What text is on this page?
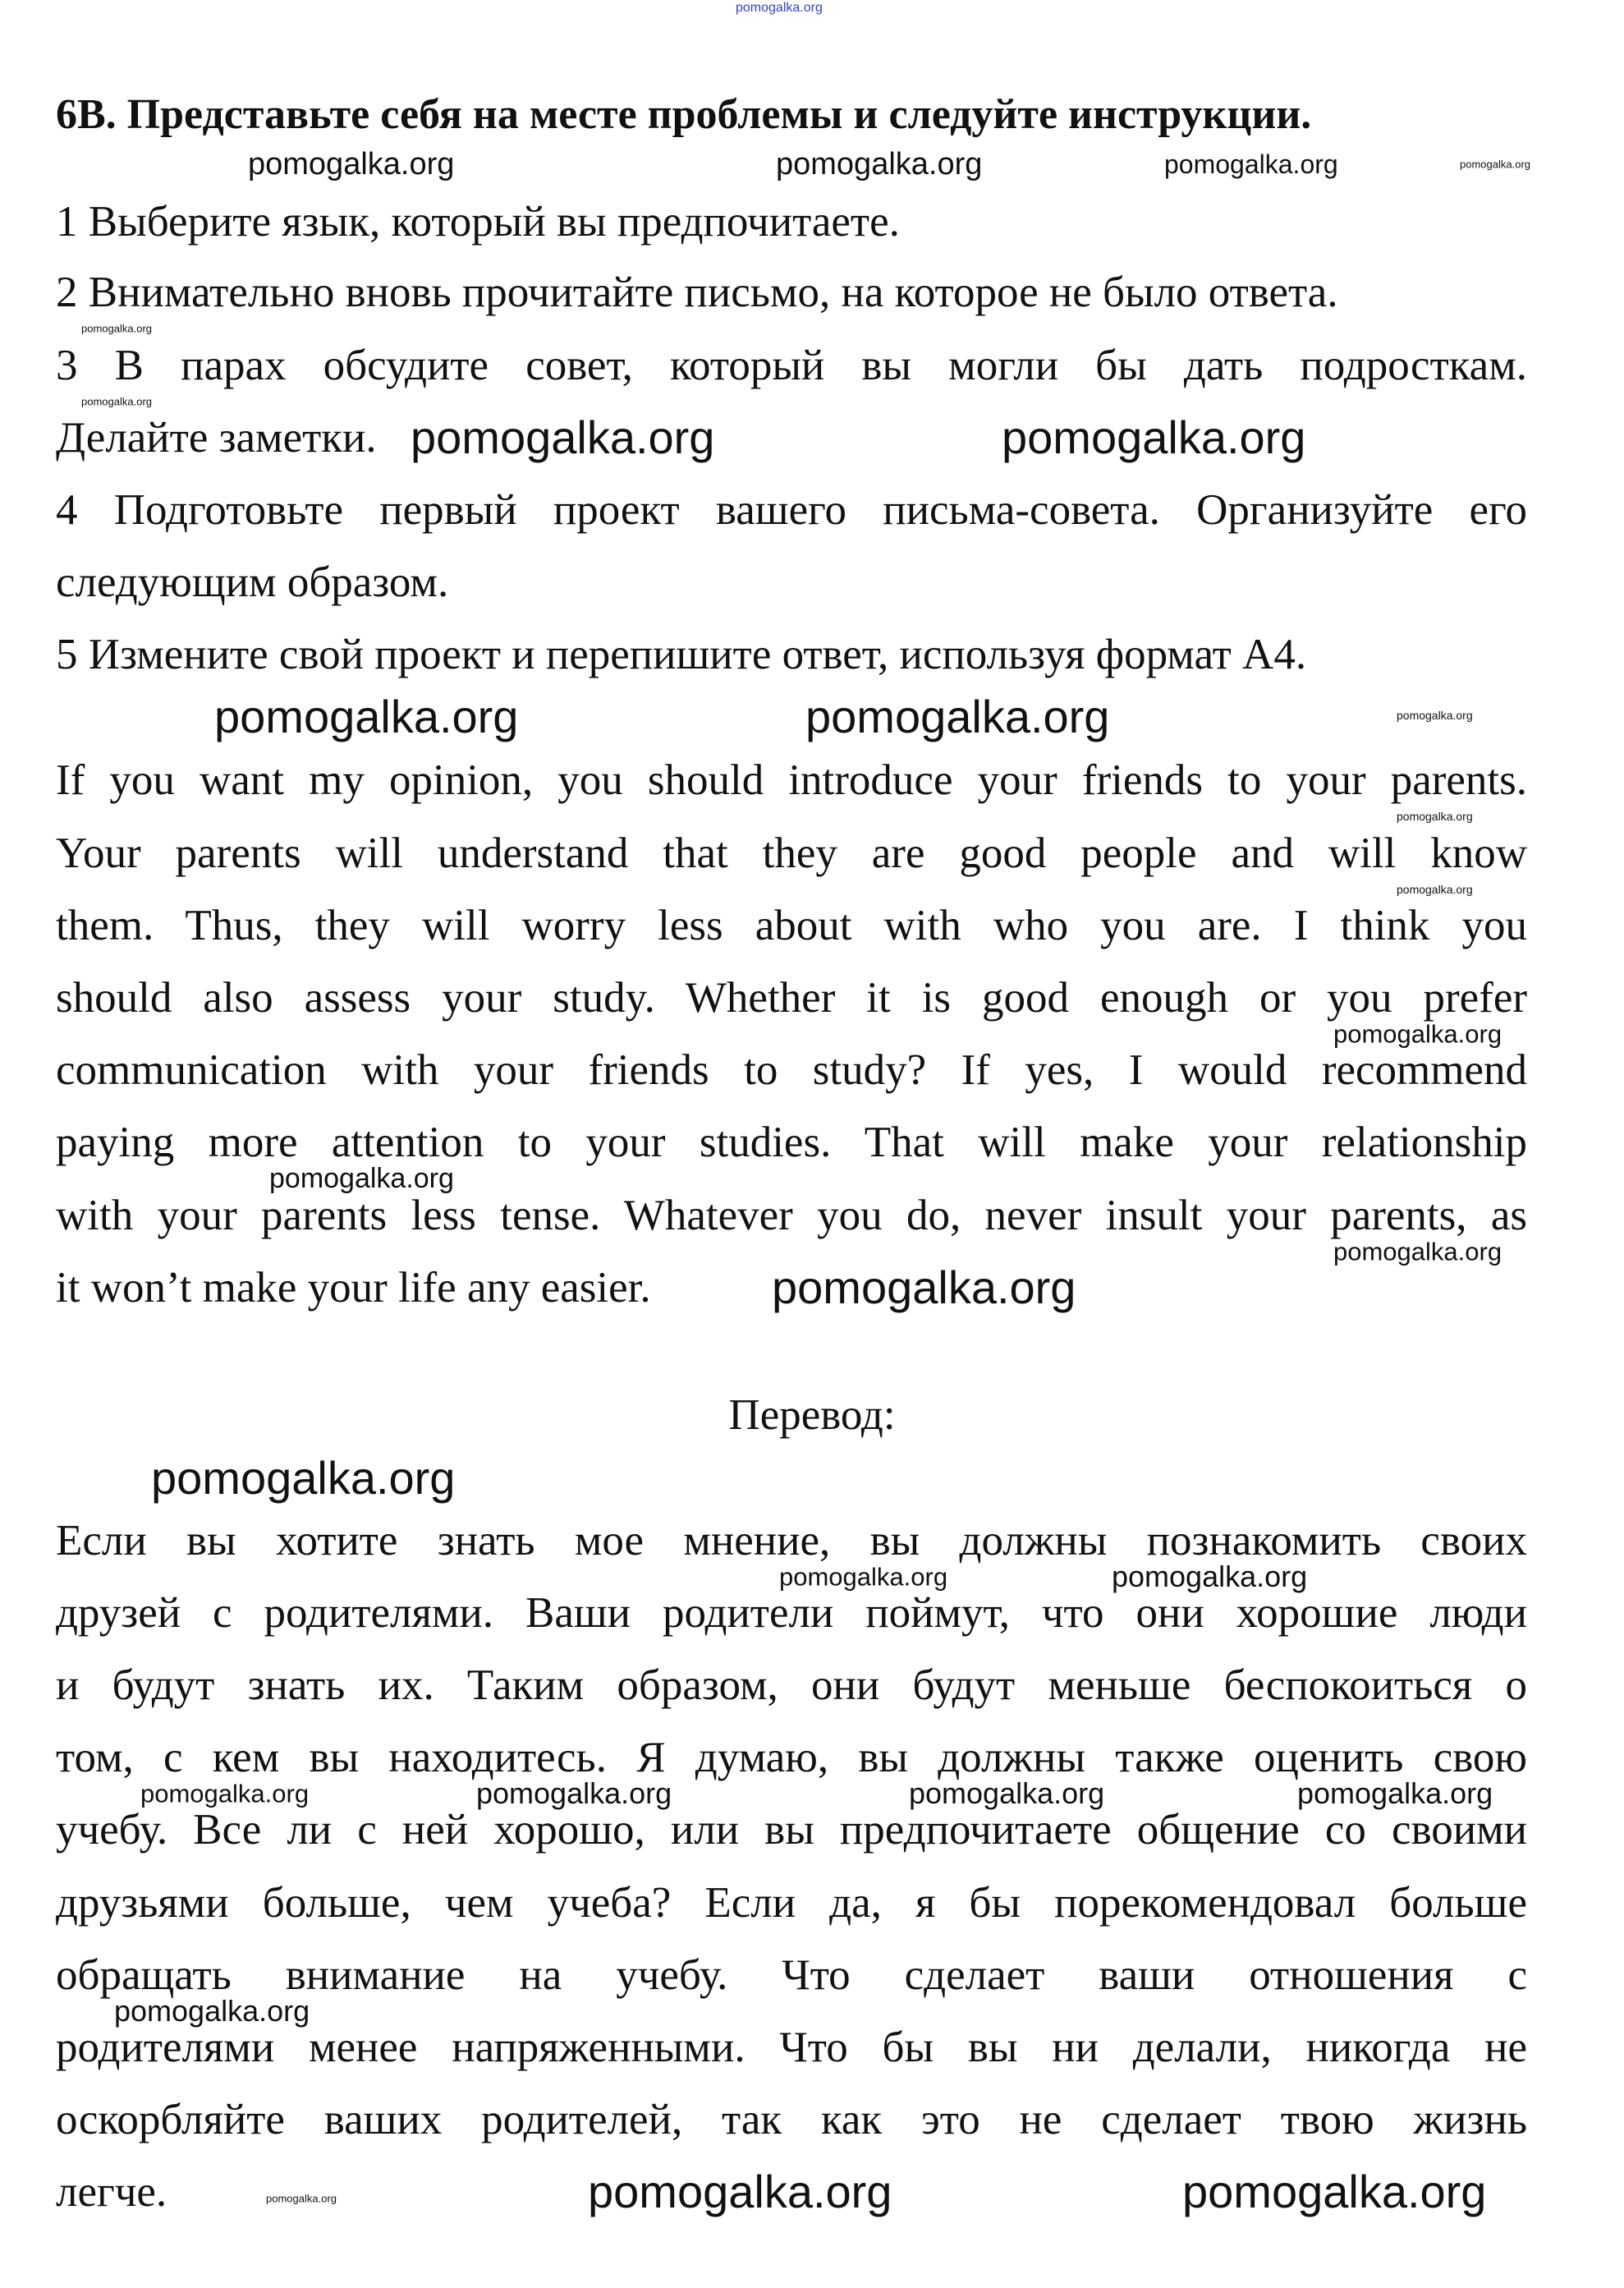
6B. Представьте себя на месте проблемы и следуйте инструкции.
1 Выберите язык, который вы предпочитаете.
2 Внимательно вновь прочитайте письмо, на которое не было ответа.
3 В парах обсудите совет, который вы могли бы дать подросткам.
Делайте заметки.
4 Подготовьте первый проект вашего письма-совета. Организуйте его
следующим образом.
5 Измените свой проект и перепишите ответ, используя формат А4.
If you want my opinion, you should introduce your friends to your parents.
Your parents will understand that they are good people and will know
them. Thus, they will worry less about with who you are. I think you
should also assess your study. Whether it is good enough or you prefer
communication with your friends to study? If yes, I would recommend
paying more attention to your studies. That will make your relationship
with your parents less tense. Whatever you do, never insult your parents, as
it won’t make your life any easier.
Перевод:
Если вы хотите знать мое мнение, вы должны познакомить своих
друзей с родителями. Ваши родители поймут, что они хорошие люди
и будут знать их. Таким образом, они будут меньше беспокоиться о
том, с кем вы находитесь. Я думаю, вы должны также оценить свою
учебу. Все ли с ней хорошо, или вы предпочитаете общение со своими
друзьями больше, чем учеба? Если да, я бы порекомендовал больше
обращать внимание на учебу. Что сделает ваши отношения с
родителями менее напряженными. Что бы вы ни делали, никогда не
оскорбляйте ваших родителей, так как это не сделает твою жизнь
легче.
pomogalka.org
pomogalka.org	pomogalka.org	pomogalka.org	pomogalka.org
pomogalka.org
pomogalka.org
pomogalka.org	pomogalka.org
pomogalka.org	pomogalka.org	pomogalka.org
pomogalka.org
pomogalka.org
pomogalka.org
pomogalka.org
pomogalka.org
pomogalka.org
pomogalka.org
pomogalka.org	pomogalka.org
pomogalka.org	pomogalka.org	pomogalka.org	pomogalka.org
pomogalka.org
pomogalka.org	pomogalka.org
pomogalka.org
